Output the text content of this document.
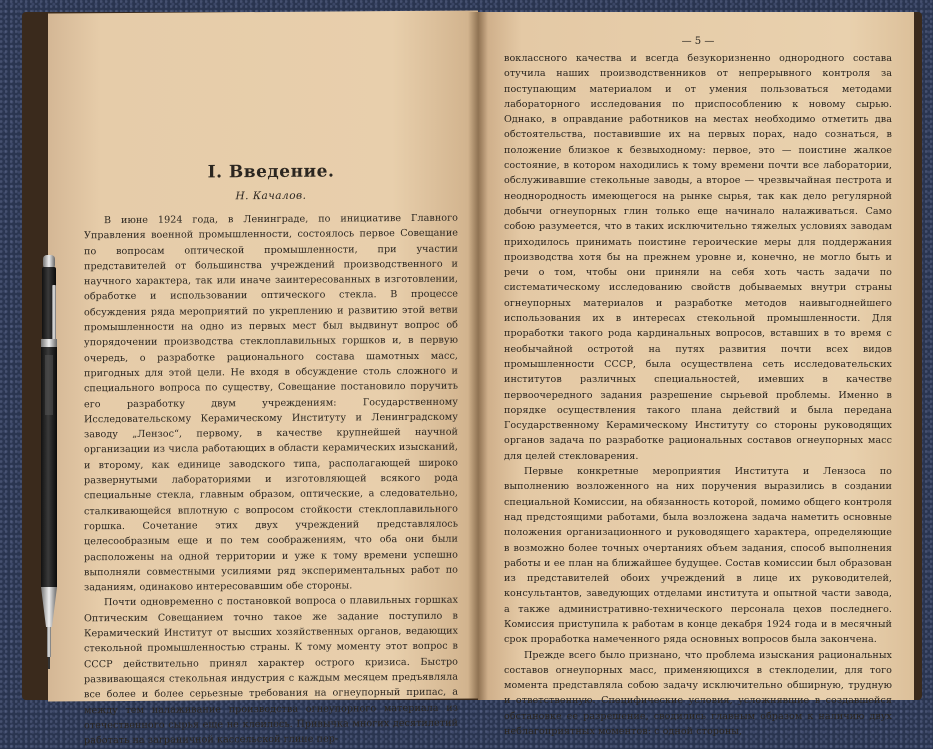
I. Введение.
Н. Качалов.

В июне 1924 года, в Ленинграде, по инициативе Главного Управления военной промышленности, состоялось первое Совещание по вопросам оптической промышленности, при участии представителей от большинства учреждений производственного и научного характера, так или иначе заинтересованных в изготовлении, обработке и использовании оптического стекла. В процессе обсуждения ряда мероприятий по укреплению и развитию этой ветви промышленности на одно из первых мест был выдвинут вопрос об упорядочении производства стеклоплавильных горшков и, в первую очередь, о разработке рационального состава шамотных масс, пригодных для этой цели. Не входя в обсуждение столь сложного и специального вопроса по существу, Совещание постановило поручить его разработку двум учреждениям: Государственному Исследовательскому Керамическому Институту и Ленинградскому заводу „Лензос“, первому, в качестве крупнейшей научной организации из числа работающих в области керамических изысканий, и второму, как единице заводского типа, располагающей широко развернутыми лабораториями и изготовляющей всякого рода специальные стекла, главным образом, оптические, а следовательно, сталкивающейся вплотную с вопросом стойкости стеклоплавильного горшка. Сочетание этих двух учреждений представлялось целесообразным еще и по тем соображениям, что оба они были расположены на одной территории и уже к тому времени успешно выполняли совместными усилиями ряд экспериментальных работ по заданиям, одинаково интересовавшим обе стороны.

Почти одновременно с постановкой вопроса о плавильных горшках Оптическим Совещанием точно такое же задание поступило в Керамический Институт от высших хозяйственных органов, ведающих стекольной промышленностью страны. К тому моменту этот вопрос в СССР действительно принял характер острого кризиса. Быстро развивающаяся стекольная индустрия с каждым месяцем предъявляла все более и более серьезные требования на огнеупорный припас, а между тем налаживание производства огнеупорного материала из отечественного сырья еще не клеилось. Привычка многих десятилетий работать на заграничной кассельской глине пер-

— 5 —

воклассного качества и всегда безукоризненно однородного состава отучила наших производственников от непрерывного контроля за поступающим материалом и от умения пользоваться методами лабораторного исследования по приспособлению к новому сырью. Однако, в оправдание работников на местах необходимо отметить два обстоятельства, поставившие их на первых порах, надо сознаться, в положение близкое к безвыходному: первое, это — поистине жалкое состояние, в котором находились к тому времени почти все лаборатории, обслуживавшие стекольные заводы, а второе — чрезвычайная пестрота и неоднородность имеющегося на рынке сырья, так как дело регулярной добычи огнеупорных глин только еще начинало налаживаться. Само собою разумеется, что в таких исключительно тяжелых условиях заводам приходилось принимать поистине героические меры для поддержания производства хотя бы на прежнем уровне и, конечно, не могло быть и речи о том, чтобы они приняли на себя хоть часть задачи по систематическому исследованию свойств добываемых внутри страны огнеупорных материалов и разработке методов наивыгоднейшего использования их в интересах стекольной промышленности. Для проработки такого рода кардинальных вопросов, вставших в то время с необычайной остротой на путях развития почти всех видов промышленности СССР, была осуществлена сеть исследовательских институтов различных специальностей, имевших в качестве первоочередного задания разрешение сырьевой проблемы. Именно в порядке осуществления такого плана действий и была передана Государственному Керамическому Институту со стороны руководящих органов задача по разработке рациональных составов огнеупорных масс для целей стекловарения.

Первые конкретные мероприятия Института и Лензоса по выполнению возложенного на них поручения выразились в создании специальной Комиссии, на обязанность которой, помимо общего контроля над предстоящими работами, была возложена задача наметить основные положения организационного и руководящего характера, определяющие в возможно более точных очертаниях объем задания, способ выполнения работы и ее план на ближайшее будущее. Состав комиссии был образован из представителей обоих учреждений в лице их руководителей, консультантов, заведующих отделами института и опытной части завода, а также административно-технического персонала цехов последнего. Комиссия приступила к работам в конце декабря 1924 года и в месячный срок проработка намеченного ряда основных вопросов была закончена.

Прежде всего было признано, что проблема изыскания рациональных составов огнеупорных масс, применяющихся в стеклоделии, для того момента представляла собою задачу исключительно обширную, трудную и ответственную. Специфические условия, усложнявшие в создавшейся обстановке ее разрешение, сводились главным образом к наличию двух неблагоприятных моментов: с одной стороны,
